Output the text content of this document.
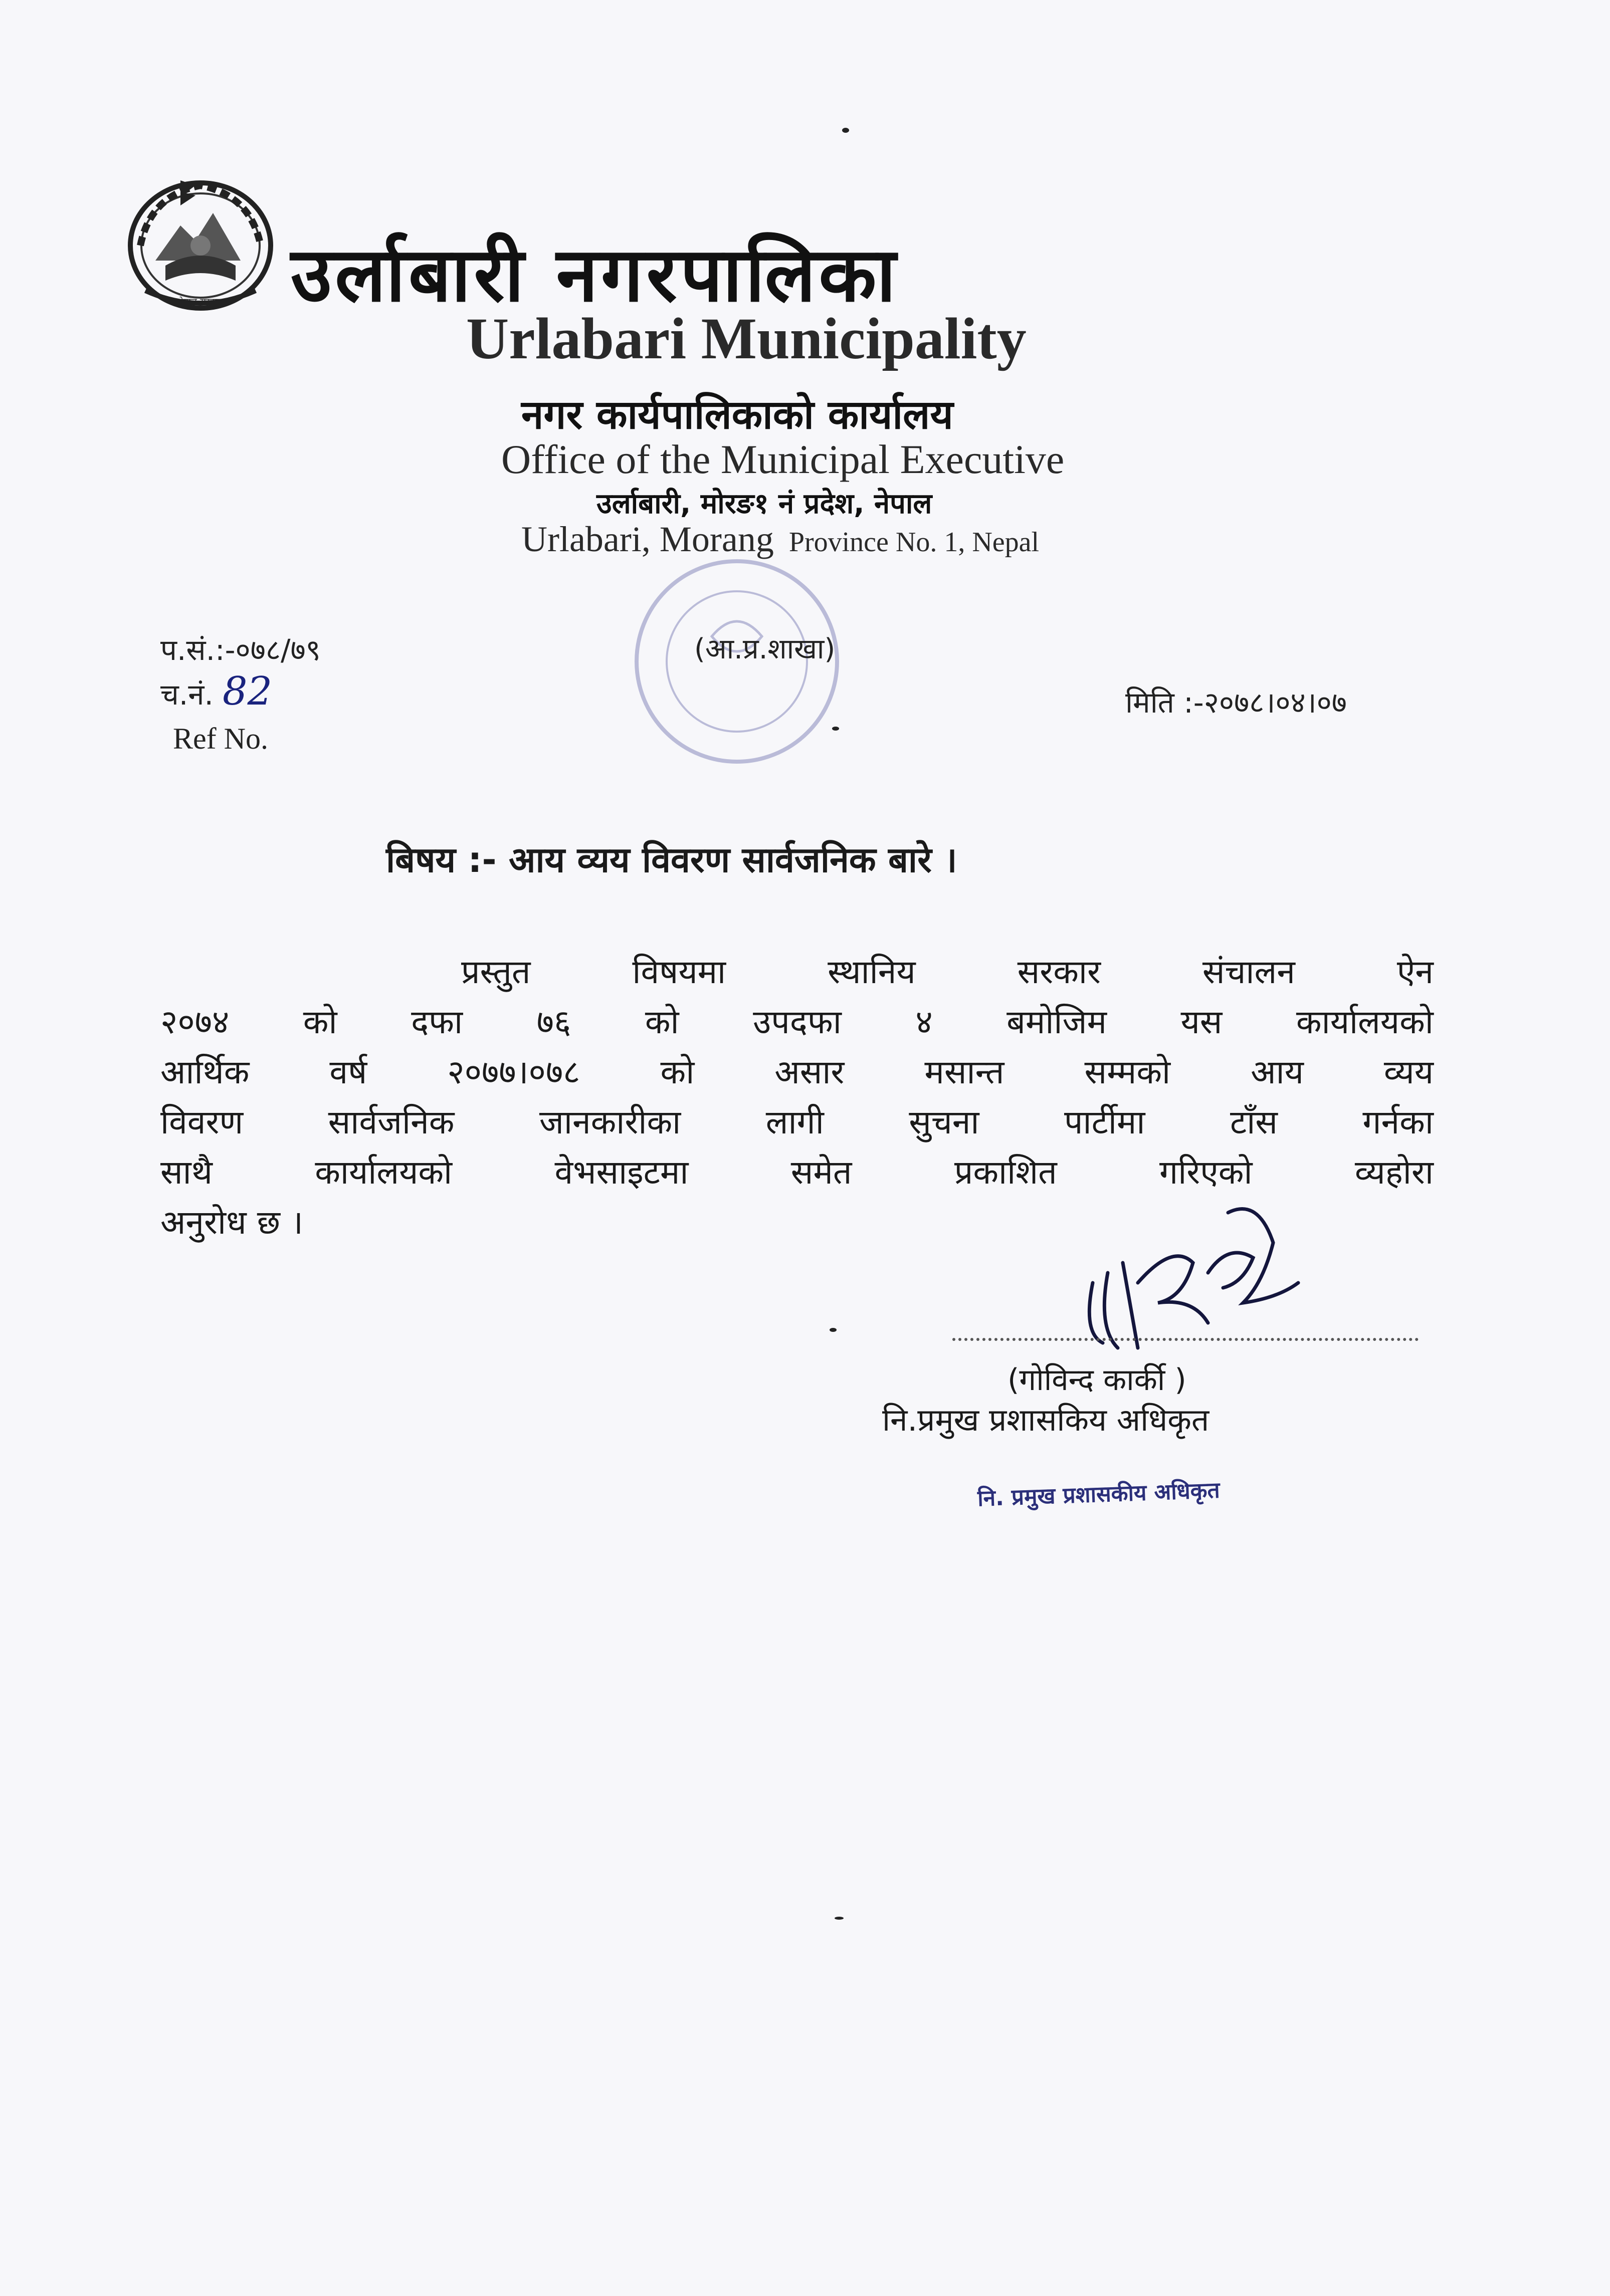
नेपाल सरकार उर्लाबारी नगरपालिका
Urlabari Municipality
नगर कार्यपालिकाको कार्यालय
Office of the Municipal Executive
उर्लाबारी, मोरङ१ नं प्रदेश, नेपाल
Urlabari, Morang Province No. 1, Nepal
प.सं.:-०७८/७९
च.नं. 82
Ref No.
(आ.प्र.शाखा)
मिति :-२०७८।०४।०७
बिषय :- आय व्यय विवरण सार्वजनिक बारे ।
प्रस्तुत	विषयमा	स्थानिय	सरकार	संचालन	ऐन
२०७४ को दफा ७६ को उपदफा ४ बमोजिम यस कार्यालयको
आर्थिक वर्ष २०७७।०७८ को असार मसान्त सम्मको आय व्यय
विवरण	सार्वजनिक	जानकारीका	लागी	सुचना	पार्टीमा	टाँस	गर्नका
साथै	कार्यालयको	वेभसाइटमा	समेत	प्रकाशित	गरिएको	व्यहोरा
अनुरोध छ ।
(गोविन्द कार्की )
नि.प्रमुख प्रशासकिय अधिकृत
नि. प्रमुख प्रशासकीय अधिकृत
